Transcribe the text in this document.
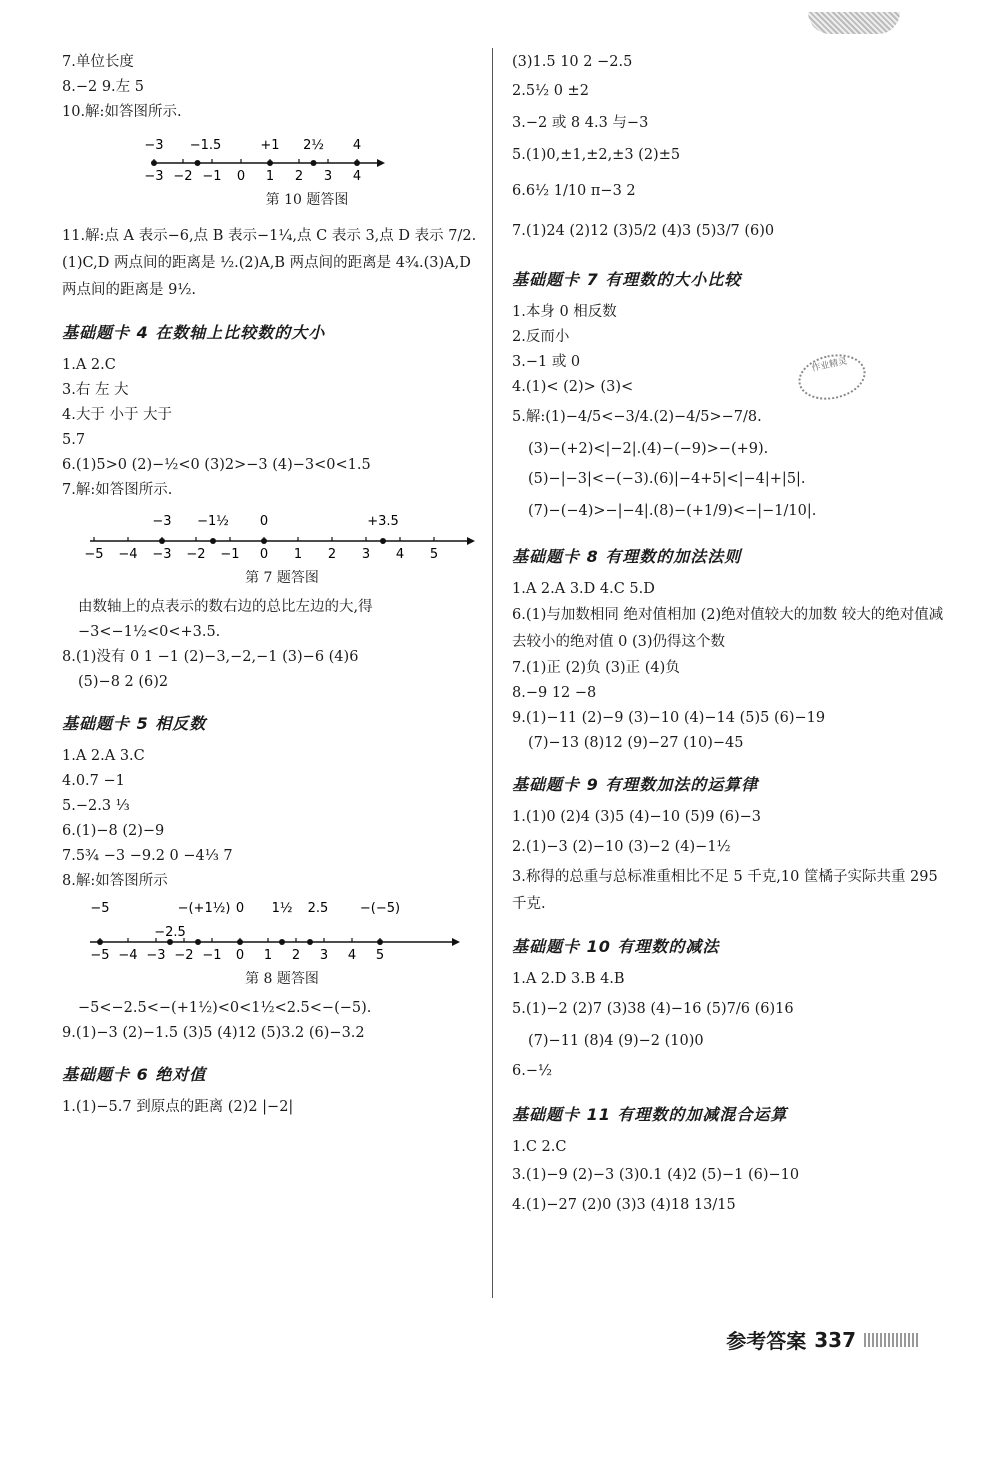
7.单位长度
8.−2 9.左 5
10.解:如答图所示.
−3 −2 −1 0 1 2 3 4
−3 −1.5	+1 2½ 4
第 10 题答图
11.解:点 A 表示−6,点 B 表示−1¼,点 C 表示 3,点 D 表示 7/2.(1)C,D 两点间的距离是 ½.(2)A,B 两点间的距离是 4¾.(3)A,D 两点间的距离是 9½.
基础题卡 4 在数轴上比较数的大小
1.A 2.C
3.右 左 大
4.大于 小于 大于
5.7
6.(1)5>0 (2)−½<0 (3)2>−3 (4)−3<0<1.5
7.解:如答图所示.
−5 −4 −3 −2 −1 0 1 2 3 4 5
−3 −1½ 0	+3.5
第 7 题答图
由数轴上的点表示的数右边的总比左边的大,得
−3<−1½<0<+3.5.
8.(1)没有 0 1 −1 (2)−3,−2,−1 (3)−6 (4)6
(5)−8 2 (6)2
基础题卡 5 相反数
1.A 2.A 3.C
4.0.7 −1
5.−2.3 ⅓
6.(1)−8 (2)−9
7.5¾ −3 −9.2 0 −4⅓ 7
8.解:如答图所示
−5 −4 −3 −2 −1 0 1 2 3 4 5
−5	−(+1½) 0 1½ 2.5 −(−5)
−2.5
第 8 题答图
−5<−2.5<−(+1½)<0<1½<2.5<−(−5).
9.(1)−3 (2)−1.5 (3)5 (4)12 (5)3.2 (6)−3.2
基础题卡 6 绝对值
1.(1)−5.7 到原点的距离 (2)2 |−2|
(3)1.5 10 2 −2.5
2.5½ 0 ±2
3.−2 或 8 4.3 与−3
5.(1)0,±1,±2,±3 (2)±5
6.6½ 1/10 π−3 2
7.(1)24 (2)12 (3)5/2 (4)3 (5)3/7 (6)0
基础题卡 7 有理数的大小比较
1.本身 0 相反数
2.反而小
3.−1 或 0
4.(1)< (2)> (3)<
5.解:(1)−4/5<−3/4.(2)−4/5>−7/8.
(3)−(+2)<|−2|.(4)−(−9)>−(+9).
(5)−|−3|<−(−3).(6)|−4+5|<|−4|+|5|.
(7)−(−4)>−|−4|.(8)−(+1/9)<−|−1/10|.
基础题卡 8 有理数的加法法则
1.A 2.A 3.D 4.C 5.D
6.(1)与加数相同 绝对值相加 (2)绝对值较大的加数 较大的绝对值减去较小的绝对值 0 (3)仍得这个数
7.(1)正 (2)负 (3)正 (4)负
8.−9 12 −8
9.(1)−11 (2)−9 (3)−10 (4)−14 (5)5 (6)−19
(7)−13 (8)12 (9)−27 (10)−45
基础题卡 9 有理数加法的运算律
1.(1)0 (2)4 (3)5 (4)−10 (5)9 (6)−3
2.(1)−3 (2)−10 (3)−2 (4)−1½
3.称得的总重与总标准重相比不足 5 千克,10 筐橘子实际共重 295 千克.
基础题卡 10 有理数的减法
1.A 2.D 3.B 4.B
5.(1)−2 (2)7 (3)38 (4)−16 (5)7/6 (6)16
(7)−11 (8)4 (9)−2 (10)0
6.−½
基础题卡 11 有理数的加减混合运算
1.C 2.C
3.(1)−9 (2)−3 (3)0.1 (4)2 (5)−1 (6)−10
4.(1)−27 (2)0 (3)3 (4)18 13/15
作业精灵
参考答案 337
